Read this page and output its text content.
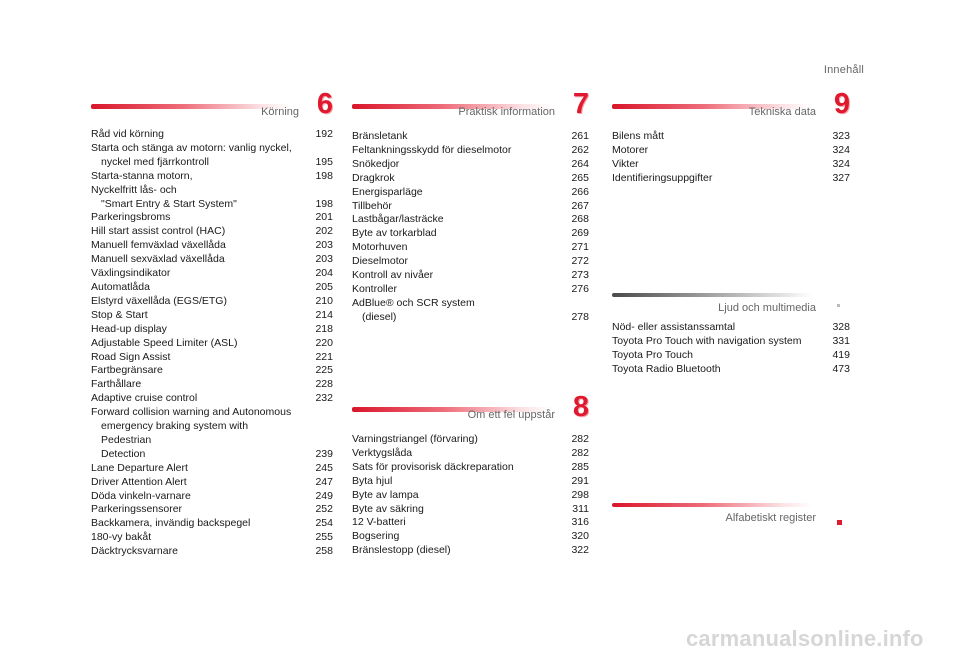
Innehåll
Körning 6
Råd vid körning	192
Starta och stänga av motorn: vanlig nyckel,
nyckel med fjärrkontroll	195
Starta-stanna motorn,	198
Nyckelfritt lås- och
"Smart Entry & Start System"	198
Parkeringsbroms	201
Hill start assist control (HAC)	202
Manuell femväxlad växellåda	203
Manuell sexväxlad växellåda	203
Växlingsindikator	204
Automatlåda	205
Elstyrd växellåda (EGS/ETG)	210
Stop & Start	214
Head-up display	218
Adjustable Speed Limiter (ASL)	220
Road Sign Assist	221
Fartbegränsare	225
Farthållare	228
Adaptive cruise control	232
Forward collision warning and Autonomous
emergency braking system with Pedestrian
Detection	239
Lane Departure Alert	245
Driver Attention Alert	247
Döda vinkeln-varnare	249
Parkeringssensorer	252
Backkamera, invändig backspegel	254
180-vy bakåt	255
Däcktrycksvarnare	258
Praktisk information 7
Bränsletank	261
Feltankningsskydd för dieselmotor	262
Snökedjor	264
Dragkrok	265
Energisparläge	266
Tillbehör	267
Lastbågar/lasträcke	268
Byte av torkarblad	269
Motorhuven	271
Dieselmotor	272
Kontroll av nivåer	273
Kontroller	276
AdBlue® och SCR system
(diesel)	278
Om ett fel uppstår 8
Varningstriangel (förvaring)	282
Verktygslåda	282
Sats för provisorisk däckreparation	285
Byta hjul	291
Byte av lampa	298
Byte av säkring	311
12 V-batteri	316
Bogsering	320
Bränslestopp (diesel)	322
Tekniska data 9
Bilens mått	323
Motorer	324
Vikter	324
Identifieringsuppgifter	327
Ljud och multimedia
Nöd- eller assistanssamtal	328
Toyota Pro Touch with navigation system	331
Toyota Pro Touch	419
Toyota Radio Bluetooth	473
Alfabetiskt register
carmanualsonline.info
